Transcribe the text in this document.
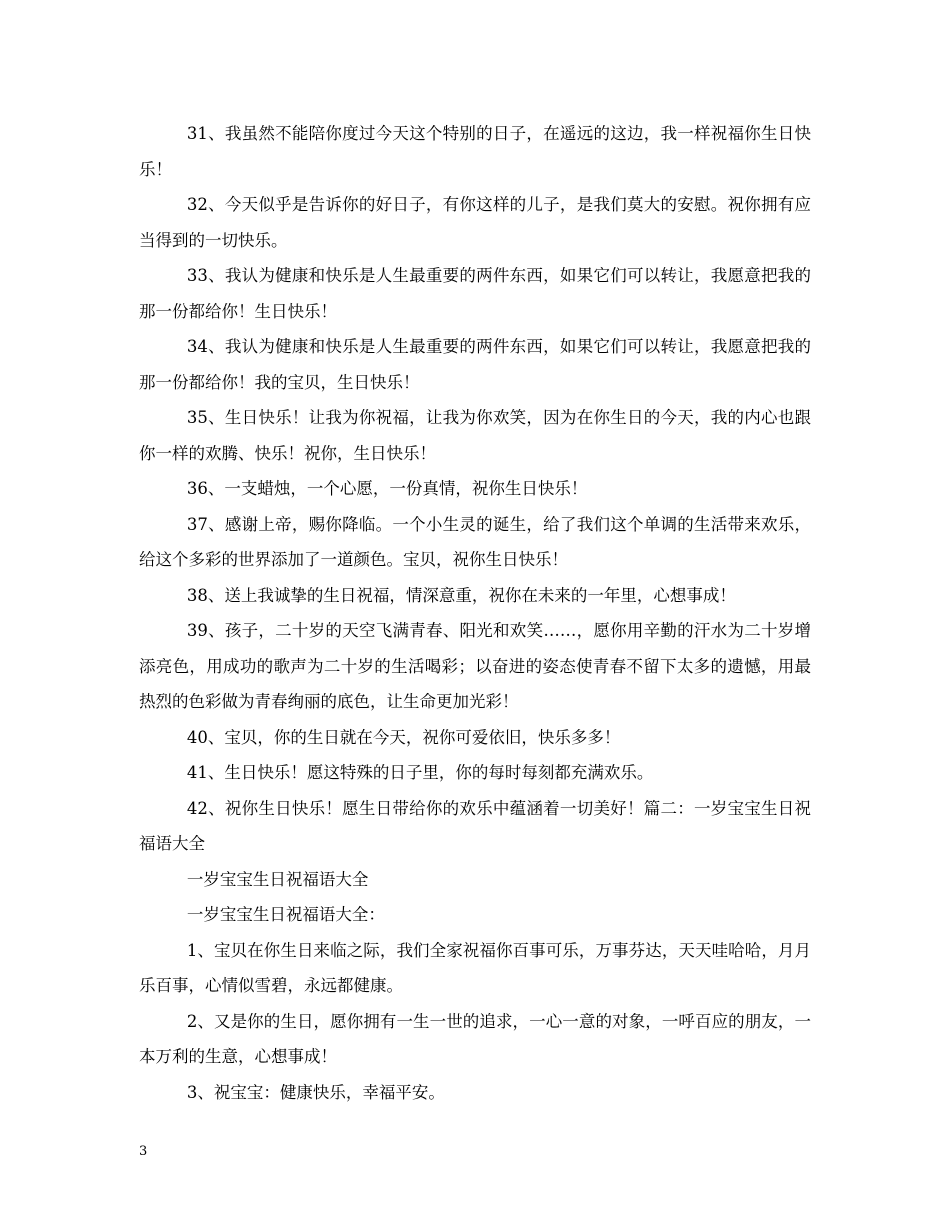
31、我虽然不能陪你度过今天这个特别的日子，在遥远的这边，我一样祝福你生日快乐！

32、今天似乎是告诉你的好日子，有你这样的儿子，是我们莫大的安慰。祝你拥有应当得到的一切快乐。

33、我认为健康和快乐是人生最重要的两件东西，如果它们可以转让，我愿意把我的那一份都给你！生日快乐！

34、我认为健康和快乐是人生最重要的两件东西，如果它们可以转让，我愿意把我的那一份都给你！我的宝贝，生日快乐！

35、生日快乐！让我为你祝福，让我为你欢笑，因为在你生日的今天，我的内心也跟你一样的欢腾、快乐！祝你，生日快乐！

36、一支蜡烛，一个心愿，一份真情，祝你生日快乐！

37、感谢上帝，赐你降临。一个小生灵的诞生，给了我们这个单调的生活带来欢乐，给这个多彩的世界添加了一道颜色。宝贝，祝你生日快乐！

38、送上我诚挚的生日祝福，情深意重，祝你在未来的一年里，心想事成！

39、孩子，二十岁的天空飞满青春、阳光和欢笑……，愿你用辛勤的汗水为二十岁增添亮色，用成功的歌声为二十岁的生活喝彩；以奋进的姿态使青春不留下太多的遗憾，用最热烈的色彩做为青春绚丽的底色，让生命更加光彩！

40、宝贝，你的生日就在今天，祝你可爱依旧，快乐多多！

41、生日快乐！愿这特殊的日子里，你的每时每刻都充满欢乐。

42、祝你生日快乐！愿生日带给你的欢乐中蕴涵着一切美好！篇二：一岁宝宝生日祝福语大全

一岁宝宝生日祝福语大全

一岁宝宝生日祝福语大全：

1、宝贝在你生日来临之际，我们全家祝福你百事可乐，万事芬达，天天哇哈哈，月月乐百事，心情似雪碧，永远都健康。

2、又是你的生日，愿你拥有一生一世的追求，一心一意的对象，一呼百应的朋友，一本万利的生意，心想事成！

3、祝宝宝：健康快乐，幸福平安。

3
